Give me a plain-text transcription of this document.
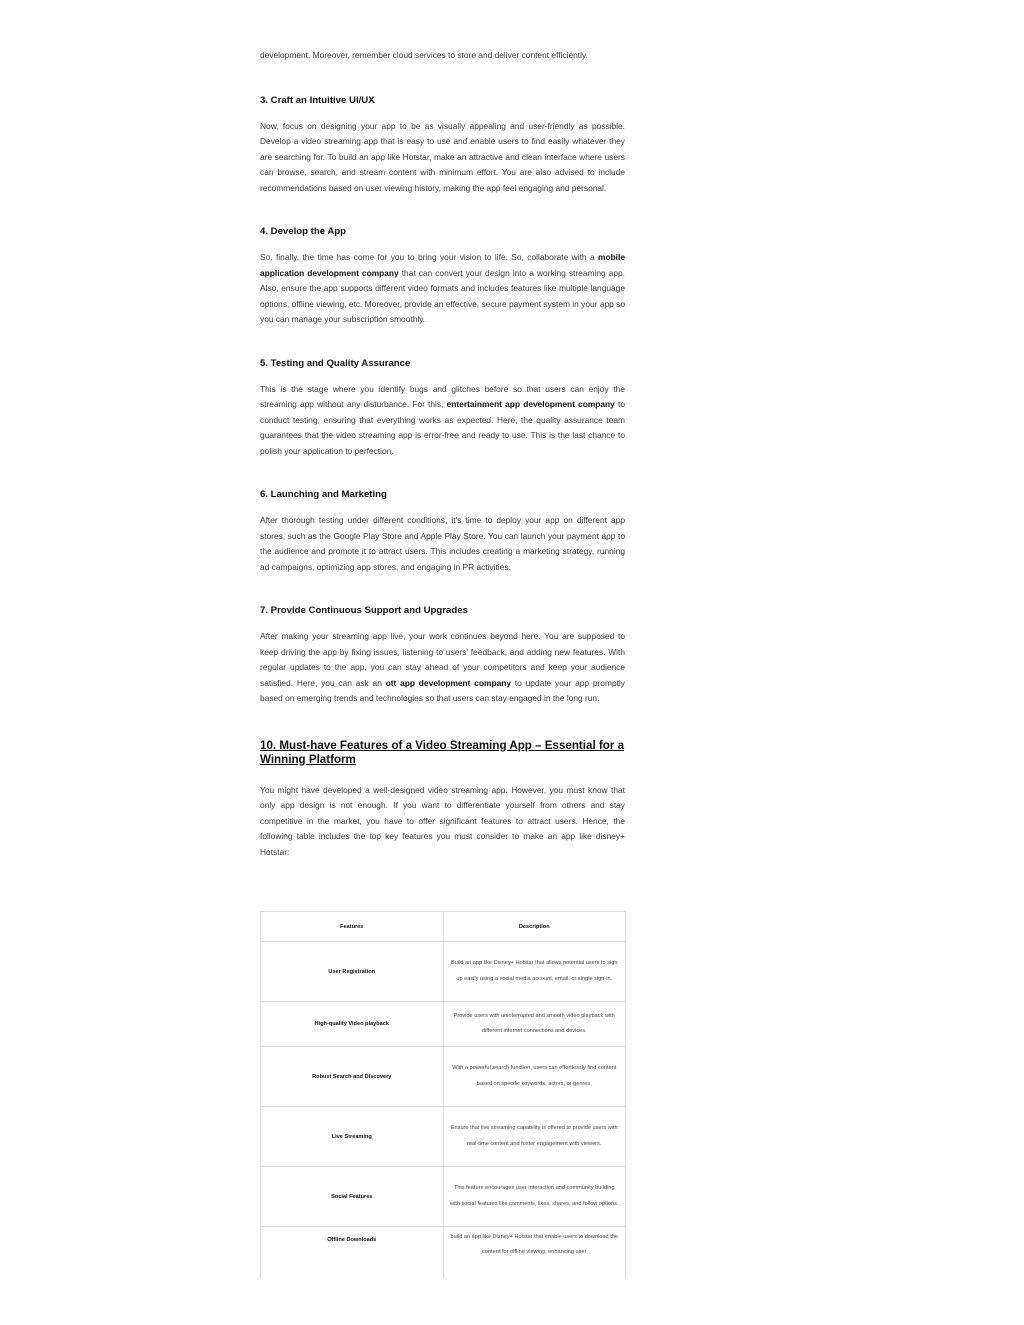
development. Moreover, remember cloud services to store and deliver content efficiently.

3. Craft an Intuitive UI/UX

Now, focus on designing your app to be as visually appealing and user-friendly as possible. Develop a video streaming app that is easy to use and enable users to find easily whatever they are searching for. To build an app like Hotstar, make an attractive and clean interface where users can browse, search, and stream content with minimum effort. You are also advised to include recommendations based on user viewing history, making the app feel engaging and personal.

4. Develop the App

So, finally, the time has come for you to bring your vision to life. So, collaborate with a mobile application development company that can convert your design into a working streaming app. Also, ensure the app supports different video formats and includes features like multiple language options, offline viewing, etc. Moreover, provide an effective, secure payment system in your app so you can manage your subscription smoothly.

5. Testing and Quality Assurance

This is the stage where you identify bugs and glitches before so that users can enjoy the streaming app without any disturbance. For this, entertainment app development company to conduct testing, ensuring that everything works as expected. Here, the quality assurance team guarantees that the video streaming app is error-free and ready to use. This is the last chance to polish your application to perfection.

6. Launching and Marketing

After thorough testing under different conditions, it's time to deploy your app on different app stores, such as the Google Play Store and Apple Play Store. You can launch your payment app to the audience and promote it to attract users. This includes creating a marketing strategy, running ad campaigns, optimizing app stores, and engaging in PR activities.

7. Provide Continuous Support and Upgrades

After making your streaming app live, your work continues beyond here. You are supposed to keep driving the app by fixing issues, listening to users' feedback, and adding new features. With regular updates to the app, you can stay ahead of your competitors and keep your audience satisfied. Here, you can ask an ott app development company to update your app promptly based on emerging trends and technologies so that users can stay engaged in the long run.

10. Must-have Features of a Video Streaming App – Essential for a Winning Platform

You might have developed a well-designed video streaming app. However, you must know that only app design is not enough. If you want to differentiate yourself from others and stay competitive in the market, you have to offer significant features to attract users. Hence, the following table includes the top key features you must consider to make an app like disney+ Hotstar:

Features	Description
User Registration	Build an app like Disney+ Hotstar that allows potential users to sign up easily using a social media account, email, or single sign-in.
High-quality Video playback	Provide users with uninterrupted and smooth video playback with different internet connections and devices.
Robust Search and Discovery	With a powerful search function, users can effortlessly find content based on specific keywords, actors, or genres.
Live Streaming	Ensure that live streaming capability is offered to provide users with real-time content and foster engagement with viewers.
Social Features	This feature encourages user interaction and community building with social features like comments, likes, shares, and follow options.
Offline Downloads	build an app like Disney+ Hotstar that enable users to download the content for offline viewing, enhancing user
